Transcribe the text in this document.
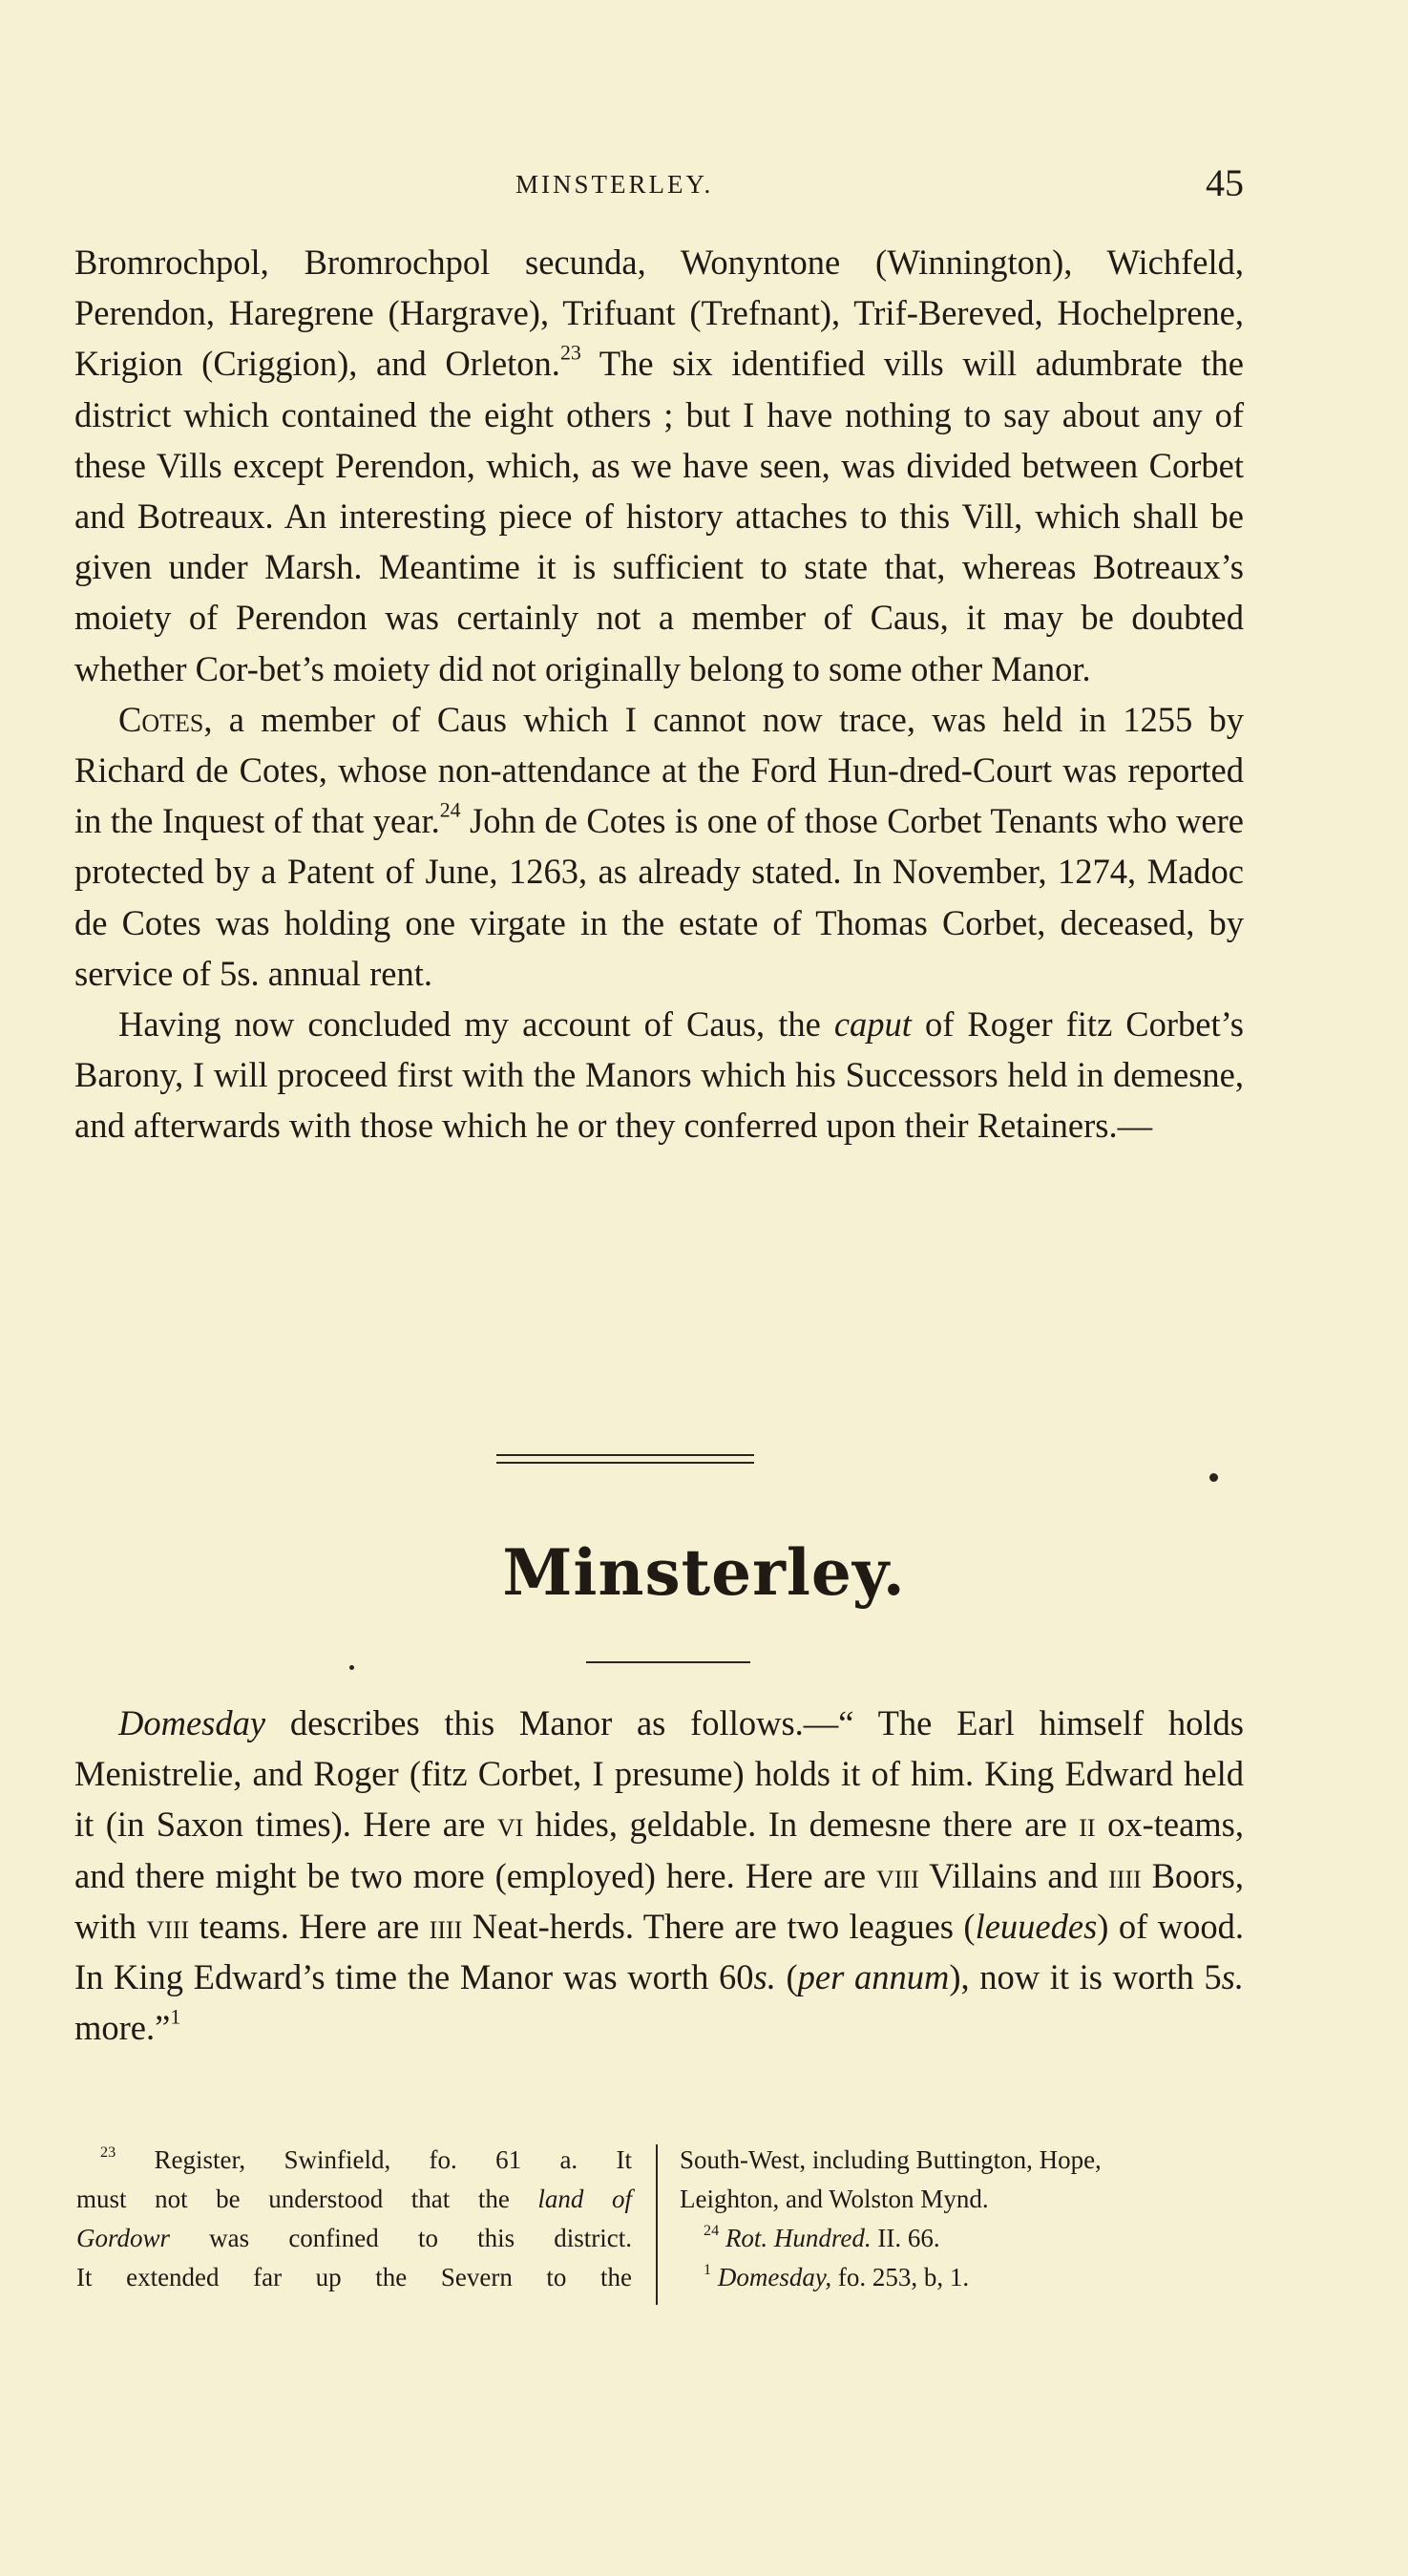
MINSTERLEY.	45

Bromrochpol, Bromrochpol secunda, Wonyntone (Winnington), Wichfeld, Perendon, Haregrene (Hargrave), Trifuant (Trefnant), Trif-Bereved, Hochelprene, Krigion (Criggion), and Orleton.$^{23}$ The six identified vills will adumbrate the district which contained the eight others ; but I have nothing to say about any of these Vills except Perendon, which, as we have seen, was divided between Corbet and Botreaux. An interesting piece of history attaches to this Vill, which shall be given under Marsh. Meantime it is sufficient to state that, whereas Botreaux’s moiety of Perendon was certainly not a member of Caus, it may be doubted whether Cor-bet’s moiety did not originally belong to some other Manor.

Cotes, a member of Caus which I cannot now trace, was held in 1255 by Richard de Cotes, whose non-attendance at the Ford Hun-dred-Court was reported in the Inquest of that year.$^{24}$ John de Cotes is one of those Corbet Tenants who were protected by a Patent of June, 1263, as already stated. In November, 1274, Madoc de Cotes was holding one virgate in the estate of Thomas Corbet, deceased, by service of 5s. annual rent.

Having now concluded my account of Caus, the caput of Roger fitz Corbet’s Barony, I will proceed first with the Manors which his Successors held in demesne, and afterwards with those which he or they conferred upon their Retainers.—

Minsterley.

Domesday describes this Manor as follows.—“ The Earl himself holds Menistrelie, and Roger (fitz Corbet, I presume) holds it of him. King Edward held it (in Saxon times). Here are vi hides, geldable. In demesne there are ii ox-teams, and there might be two more (employed) here. Here are viii Villains and iiii Boors, with viii teams. Here are iiii Neat-herds. There are two leagues (leuuedes) of wood. In King Edward’s time the Manor was worth 60s. (per annum), now it is worth 5s. more.”$^1$

$^{23}$ Register, Swinfield, fo. 61 a. It
must not be understood that the land of
Gordowr was confined to this district.
It extended far up the Severn to the
South-West, including Buttington, Hope,
Leighton, and Wolston Mynd.
$^{24}$ Rot. Hundred. II. 66.
$^1$ Domesday, fo. 253, b, 1.
